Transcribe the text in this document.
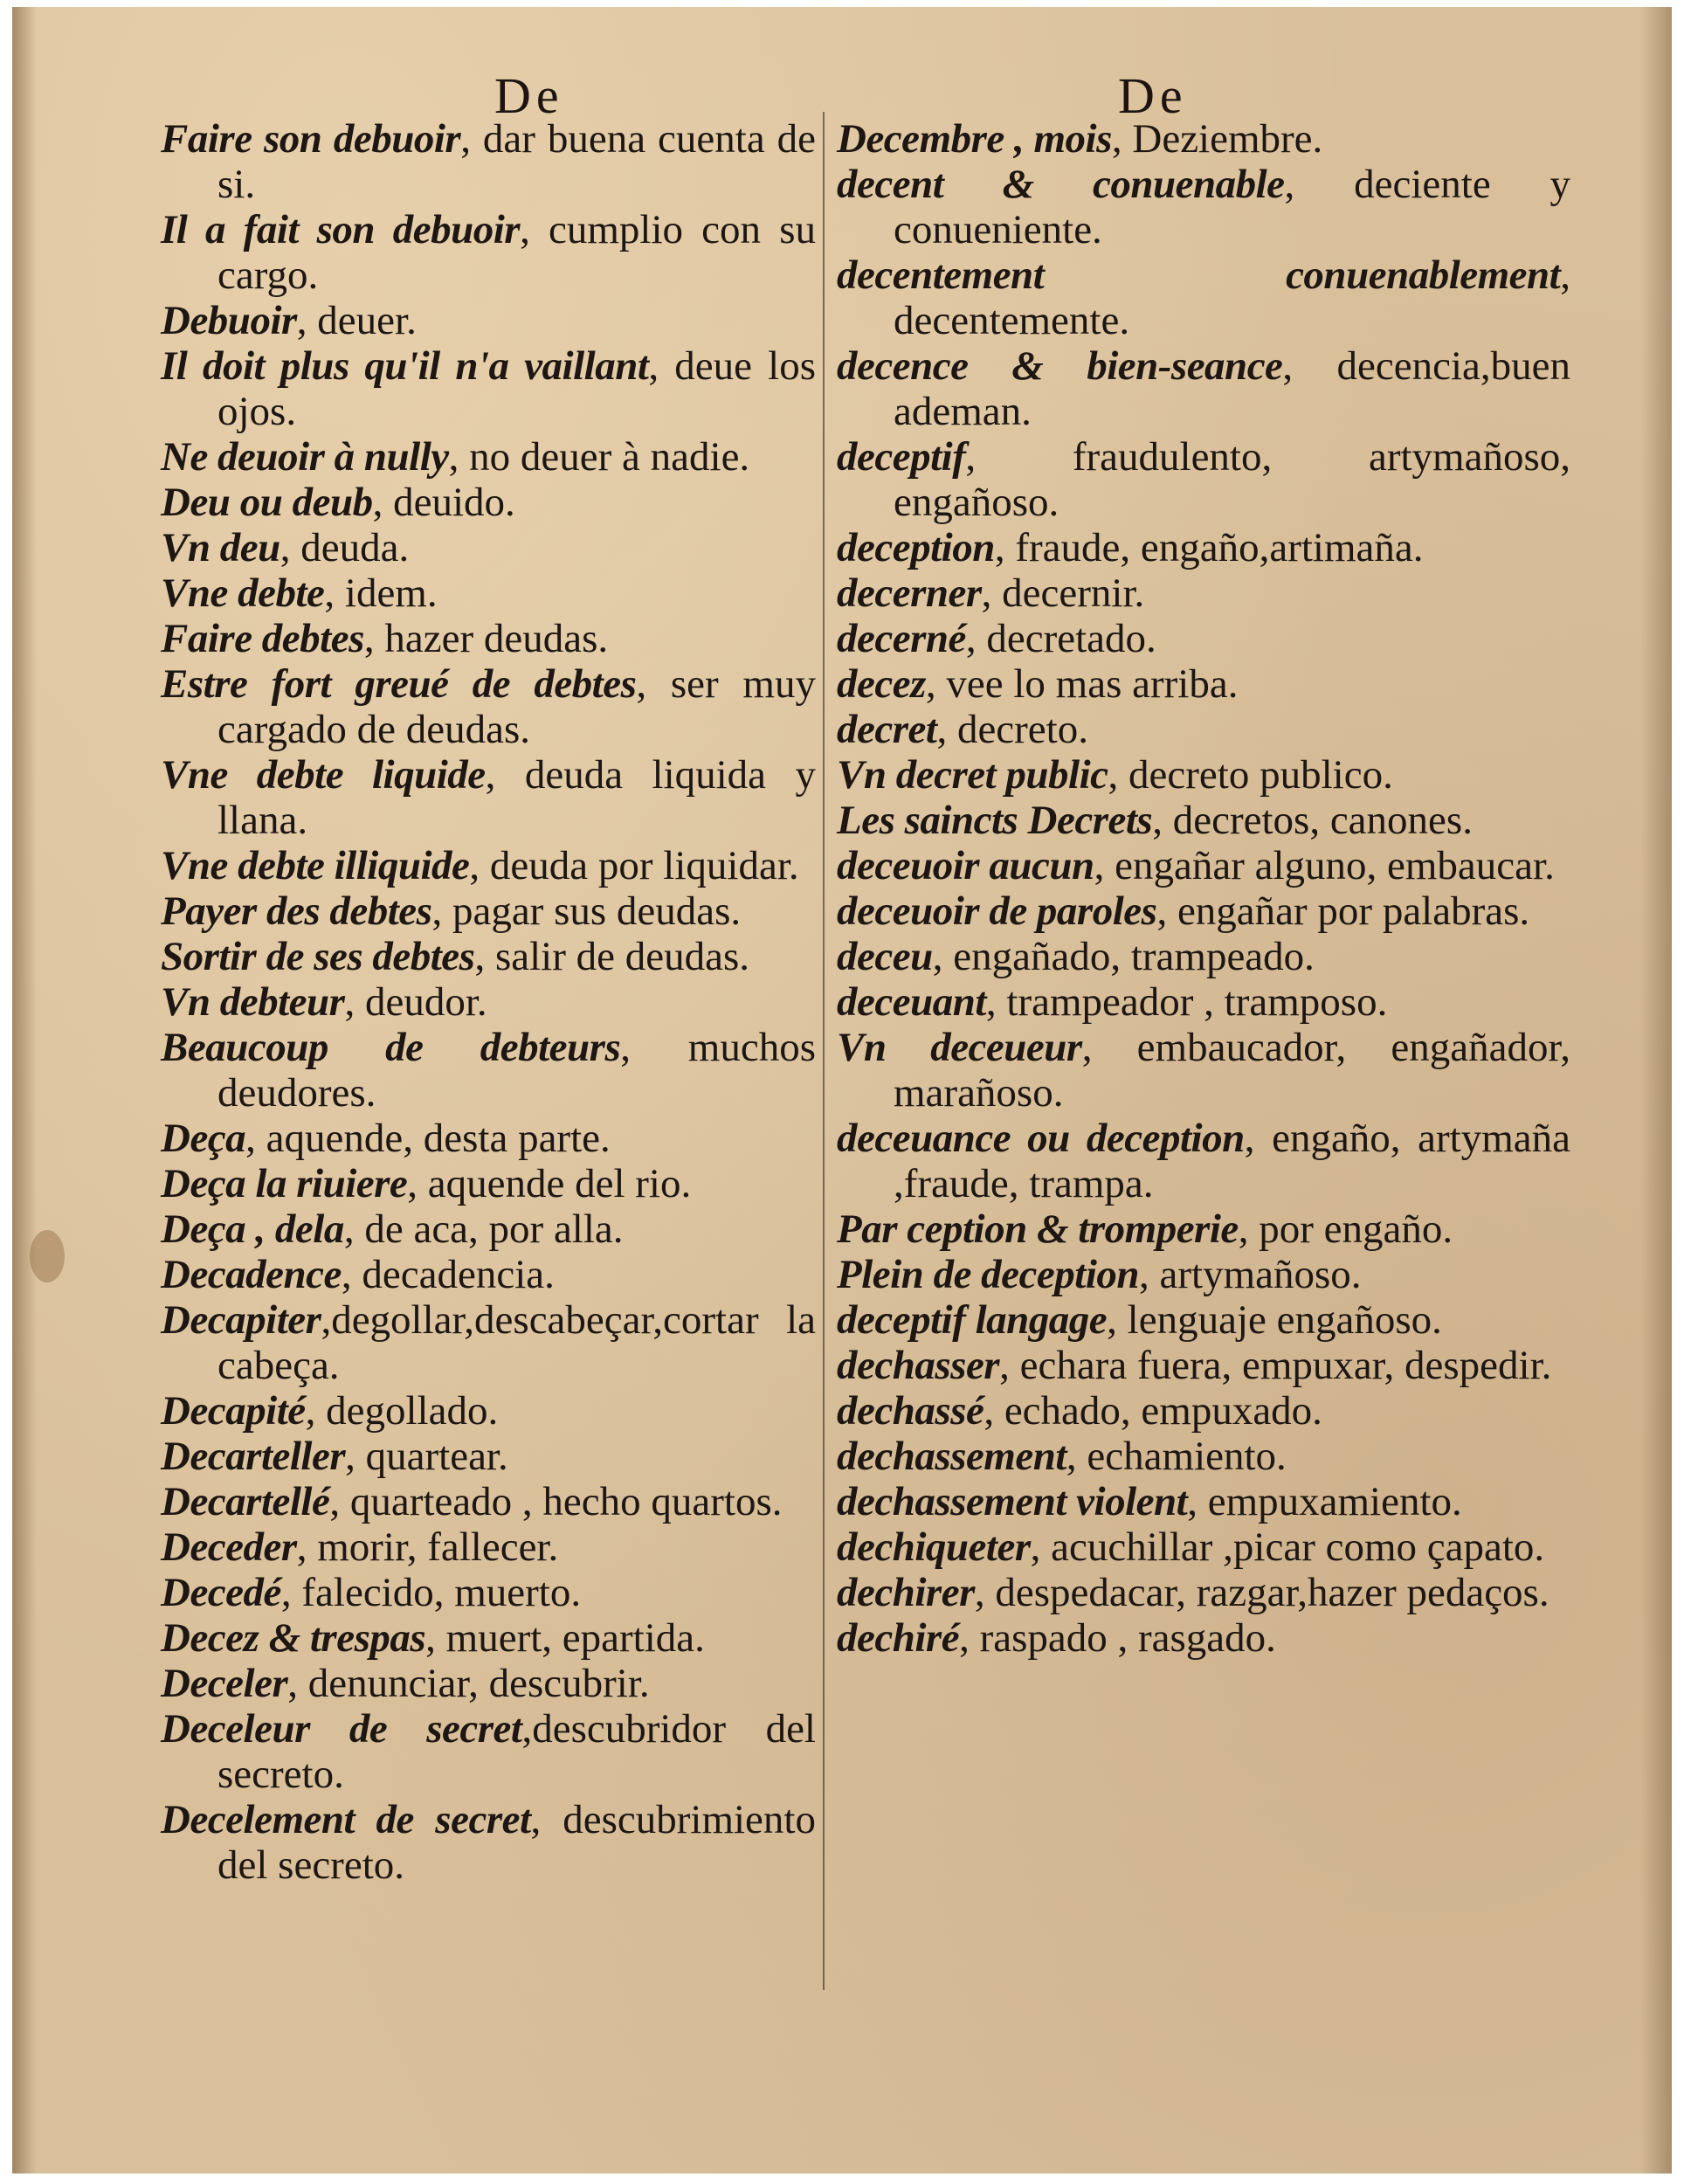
De	De

Faire son debuoir, dar buena cuenta de si.

Il a fait son debuoir, cumplio con su cargo.

Debuoir, deuer.

Il doit plus qu'il n'a vaillant, deue los ojos.

Ne deuoir à nully, no deuer à nadie.

Deu ou deub, deuido.

Vn deu, deuda.

Vne debte, idem.

Faire debtes, hazer deudas.

Estre fort greué de debtes, ser muy cargado de deudas.

Vne debte liquide, deuda liquida y llana.

Vne debte illiquide, deuda por liquidar.

Payer des debtes, pagar sus deudas.

Sortir de ses debtes, salir de deudas.

Vn debteur, deudor.

Beaucoup de debteurs, muchos deudores.

Deça, aquende, desta parte.

Deça la riuiere, aquende del rio.

Deça , dela, de aca, por alla.

Decadence, decadencia.

Decapiter,degollar,descabeçar,cortar la cabeça.

Decapité, degollado.

Decarteller, quartear.

Decartellé, quarteado , hecho quartos.

Deceder, morir, fallecer.

Decedé, falecido, muerto.

Decez & trespas, muert, epartida.

Deceler, denunciar, descubrir.

Deceleur de secret,descubridor del secreto.

Decelement de secret, descubrimiento del secreto.

Decembre , mois, Deziembre.

decent & conuenable, deciente y conueniente.

decentement conuenablement, decentemente.

decence & bien-seance, decencia,buen ademan.

deceptif, fraudulento, artymañoso, engañoso.

deception, fraude, engaño,artimaña.

decerner, decernir.

decerné, decretado.

decez, vee lo mas arriba.

decret, decreto.

Vn decret public, decreto publico.

Les saincts Decrets, decretos, canones.

deceuoir aucun, engañar alguno, embaucar.

deceuoir de paroles, engañar por palabras.

deceu, engañado, trampeado.

deceuant, trampeador , tramposo.

Vn deceueur, embaucador, engañador, marañoso.

deceuance ou deception, engaño, artymaña ,fraude, trampa.

Par ception & tromperie, por engaño.

Plein de deception, artymañoso.

deceptif langage, lenguaje engañoso.

dechasser, echara fuera, empuxar, despedir.

dechassé, echado, empuxado.

dechassement, echamiento.

dechassement violent, empuxamiento.

dechiqueter, acuchillar ,picar como çapato.

dechirer, despedacar, razgar,hazer pedaços.

dechiré, raspado , rasgado.
